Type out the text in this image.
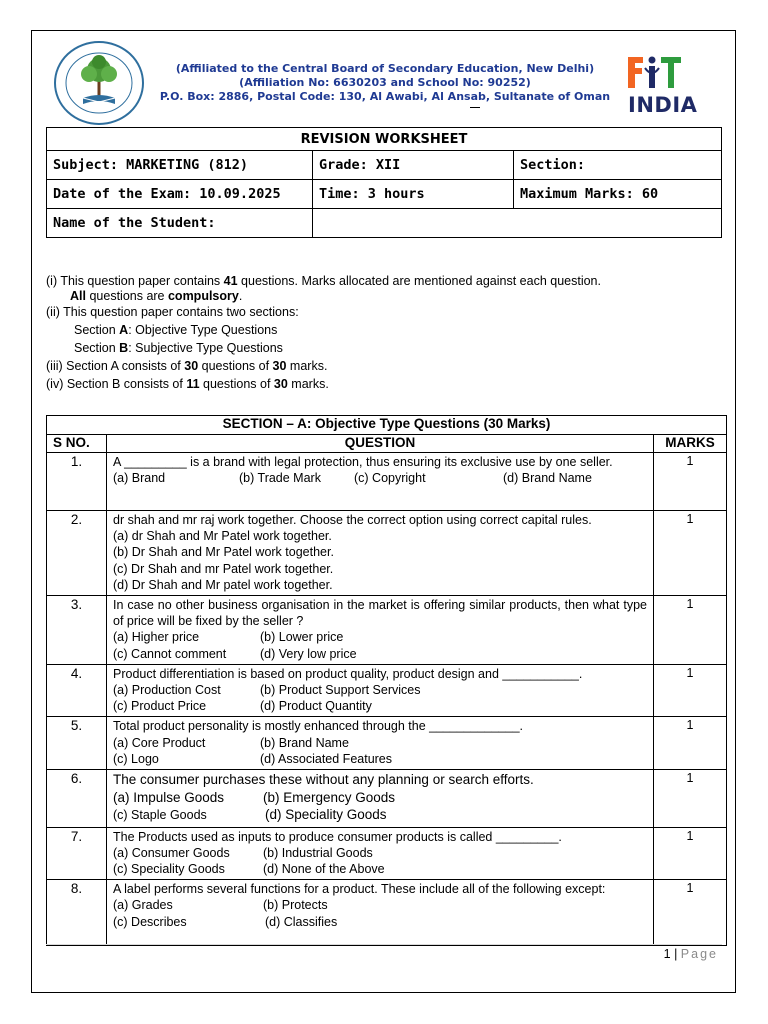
(Affiliated to the Central Board of Secondary Education, New Delhi)
(Affiliation No: 6630203 and School No: 90252)
P.O. Box: 2886, Postal Code: 130, Al Awabi, Al Ansab, Sultanate of Oman INDIA
REVISION WORKSHEET		
Subject: MARKETING (812)	Grade: XII	Section:
Date of the Exam: 10.09.2025	Time: 3 hours	Maximum Marks: 60
Name of the Student:		
(i) This question paper contains 41 questions. Marks allocated are mentioned against each question.
All questions are compulsory.
(ii) This question paper contains two sections:
Section A: Objective Type Questions
Section B: Subjective Type Questions
(iii) Section A consists of 30 questions of 30 marks.
(iv) Section B consists of 11 questions of 30 marks.
SECTION – A: Objective Type Questions (30 Marks)		
S NO.	QUESTION	MARKS
1.	A _________ is a brand with legal protection, thus ensuring its exclusive use by one seller.
(a) Brand (b) Trade Mark (c) Copyright (d) Brand Name	1
2.	dr shah and mr raj work together. Choose the correct option using correct capital rules.
(a) dr Shah and Mr Patel work together.
(b) Dr Shah and Mr Patel work together.
(c) Dr Shah and mr Patel work together.
(d) Dr Shah and Mr patel work together.	1
3.	In case no other business organisation in the market is offering similar products, then what type of price will be fixed by the seller ?
(a) Higher price (b) Lower price
(c) Cannot comment (d) Very low price	1
4.	Product differentiation is based on product quality, product design and ___________.
(a) Production Cost (b) Product Support Services
(c) Product Price (d) Product Quantity	1
5.	Total product personality is mostly enhanced through the _____________.
(a) Core Product (b) Brand Name
(c) Logo (d) Associated Features	1
6.	The consumer purchases these without any planning or search efforts.
(a) Impulse Goods (b) Emergency Goods
(c) Staple Goods (d) Speciality Goods	1
7.	The Products used as inputs to produce consumer products is called _________.
(a) Consumer Goods (b) Industrial Goods
(c) Speciality Goods (d) None of the Above	1
8.	A label performs several functions for a product. These include all of the following except:
(a) Grades (b) Protects
(c) Describes (d) Classifies	1
1 | Page
